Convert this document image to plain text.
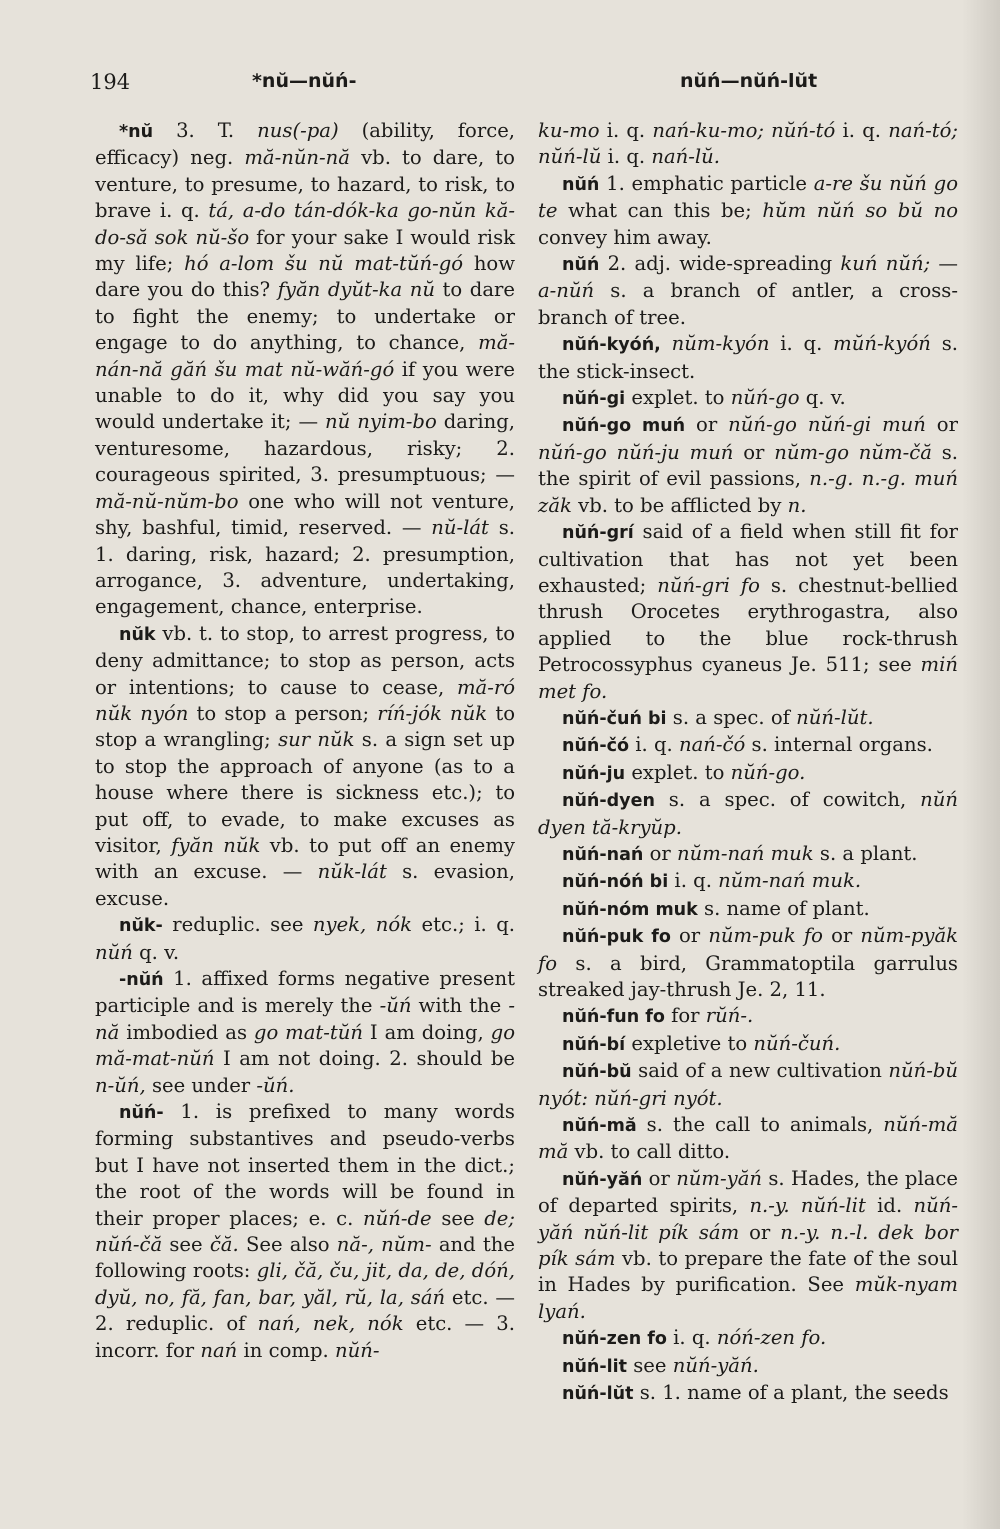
194	*nŭ—nŭń-	nŭń—nŭń-lŭt

*nŭ 3. T. nus(-pa) (ability, force, efficacy) neg. mă-nŭn-nă vb. to dare, to venture, to presume, to hazard, to risk, to brave i. q. tá, a-do tán-dók-ka go-nŭn kă-do-să sok nŭ-šo for your sake I would risk my life; hó a-lom šu nŭ mat-tŭń-gó how dare you do this? fyăn dyŭt-ka nŭ to dare to fight the enemy; to undertake or engage to do anything, to chance, mă-nán-nă găń šu mat nŭ-wăń-gó if you were unable to do it, why did you say you would undertake it; — nŭ nyim-bo daring, venturesome, hazardous, risky; 2. courageous spirited, 3. presumptuous; — mă-nŭ-nŭm-bo one who will not venture, shy, bashful, timid, reserved. — nŭ-lát s. 1. daring, risk, hazard; 2. presumption, arrogance, 3. adventure, undertaking, engagement, chance, enterprise.

nŭk vb. t. to stop, to arrest progress, to deny admittance; to stop as person, acts or intentions; to cause to cease, mă-ró nŭk nyón to stop a person; ríń-jók nŭk to stop a wrangling; sur nŭk s. a sign set up to stop the approach of anyone (as to a house where there is sickness etc.); to put off, to evade, to make excuses as visitor, fyăn nŭk vb. to put off an enemy with an excuse. — nŭk-lát s. evasion, excuse.

nŭk- reduplic. see nyek, nók etc.; i. q. nŭń q. v.

-nŭń 1. affixed forms negative present participle and is merely the -ŭń with the -nă imbodied as go mat-tŭń I am doing, go mă-mat-nŭń I am not doing. 2. should be n-ŭń, see under -ŭń.

nŭń- 1. is prefixed to many words forming substantives and pseudo-verbs but I have not inserted them in the dict.; the root of the words will be found in their proper places; e. c. nŭń-de see de; nŭń-čă see čă. See also nă-, nŭm- and the following roots: gli, čă, ču, jit, da, de, dóń, dyŭ, no, fă, fan, bar, yăl, rŭ, la, sáń etc. — 2. reduplic. of nań, nek, nók etc. — 3. incorr. for nań in comp. nŭń-

ku-mo i. q. nań-ku-mo; nŭń-tó i. q. nań-tó; nŭń-lŭ i. q. nań-lŭ.

nŭń 1. emphatic particle a-re šu nŭń go te what can this be; hŭm nŭń so bŭ no convey him away.

nŭń 2. adj. wide-spreading kuń nŭń; — a-nŭń s. a branch of antler, a cross-branch of tree.

nŭń-kyóń, nŭm-kyón i. q. mŭń-kyóń s. the stick-insect.

nŭń-gi explet. to nŭń-go q. v.

nŭń-go muń or nŭń-go nŭń-gi muń or nŭń-go nŭń-ju muń or nŭm-go nŭm-čă s. the spirit of evil passions, n.-g. n.-g. muń zăk vb. to be afflicted by n.

nŭń-grí said of a field when still fit for cultivation that has not yet been exhausted; nŭń-gri fo s. chestnut-bellied thrush Orocetes erythrogastra, also applied to the blue rock-thrush Petrocossyphus cyaneus Je. 511; see miń met fo.

nŭń-čuń bi s. a spec. of nŭń-lŭt.

nŭń-čó i. q. nań-čó s. internal organs.

nŭń-ju explet. to nŭń-go.

nŭń-dyen s. a spec. of cowitch, nŭń dyen tă-kryŭp.

nŭń-nań or nŭm-nań muk s. a plant.

nŭń-nóń bi i. q. nŭm-nań muk.

nŭń-nóm muk s. name of plant.

nŭń-puk fo or nŭm-puk fo or nŭm-pyăk fo s. a bird, Grammatoptila garrulus streaked jay-thrush Je. 2, 11.

nŭń-fun fo for rŭń-.

nŭń-bí expletive to nŭń-čuń.

nŭń-bŭ said of a new cultivation nŭń-bŭ nyót: nŭń-gri nyót.

nŭń-mă s. the call to animals, nŭń-mă mă vb. to call ditto.

nŭń-yăń or nŭm-yăń s. Hades, the place of departed spirits, n.-y. nŭń-lit id. nŭń-yăń nŭń-lit pík sám or n.-y. n.-l. dek bor pík sám vb. to prepare the fate of the soul in Hades by purification. See mŭk-nyam lyań.

nŭń-zen fo i. q. nóń-zen fo.

nŭń-lit see nŭń-yăń.

nŭń-lŭt s. 1. name of a plant, the seeds
